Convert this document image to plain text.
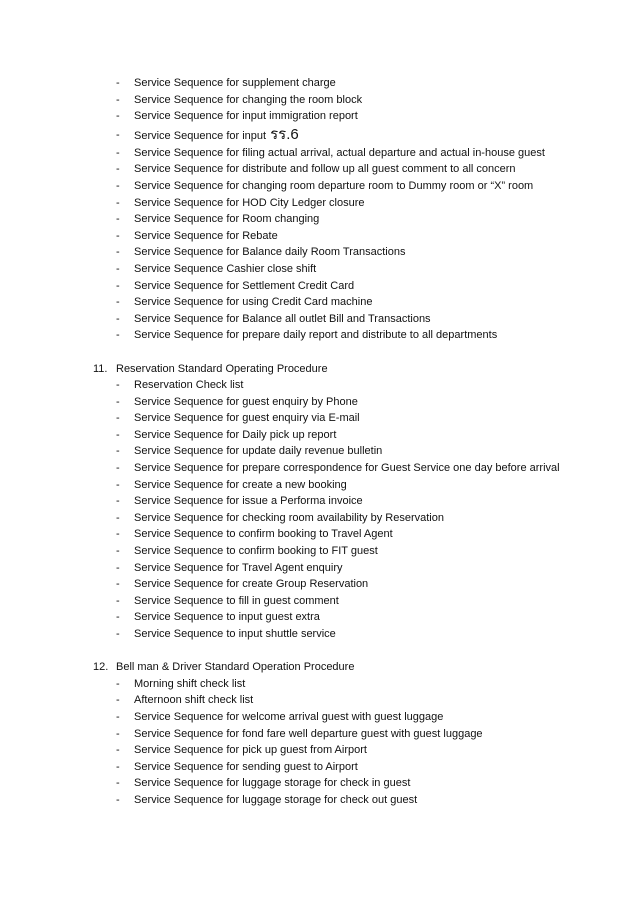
- Service Sequence for supplement charge
- Service Sequence for changing the room block
- Service Sequence for input immigration report
- Service Sequence for input รร.6
- Service Sequence for filing actual arrival, actual departure and actual in-house guest
- Service Sequence for distribute and follow up all guest comment to all concern
- Service Sequence for changing room departure room to Dummy room or “X” room
- Service Sequence for HOD City Ledger closure
- Service Sequence for Room changing
- Service Sequence for Rebate
- Service Sequence for Balance daily Room Transactions
- Service Sequence Cashier close shift
- Service Sequence for Settlement Credit Card
- Service Sequence for using Credit Card machine
- Service Sequence for Balance all outlet Bill and Transactions
- Service Sequence for prepare daily report and distribute to all departments
11. Reservation Standard Operating Procedure
- Reservation Check list
- Service Sequence for guest enquiry by Phone
- Service Sequence for guest enquiry via E-mail
- Service Sequence for Daily pick up report
- Service Sequence for update daily revenue bulletin
- Service Sequence for prepare correspondence for Guest Service one day before arrival
- Service Sequence for create a new booking
- Service Sequence for issue a Performa invoice
- Service Sequence for checking room availability by Reservation
- Service Sequence to confirm booking to Travel Agent
- Service Sequence to confirm booking to FIT guest
- Service Sequence for Travel Agent enquiry
- Service Sequence for create Group Reservation
- Service Sequence to fill in guest comment
- Service Sequence to input guest extra
- Service Sequence to input shuttle service
12. Bell man & Driver Standard Operation Procedure
- Morning shift check list
- Afternoon shift check list
- Service Sequence for welcome arrival guest with guest luggage
- Service Sequence for fond fare well departure guest with guest luggage
- Service Sequence for pick up guest from Airport
- Service Sequence for sending guest to Airport
- Service Sequence for luggage storage for check in guest
- Service Sequence for luggage storage for check out guest
